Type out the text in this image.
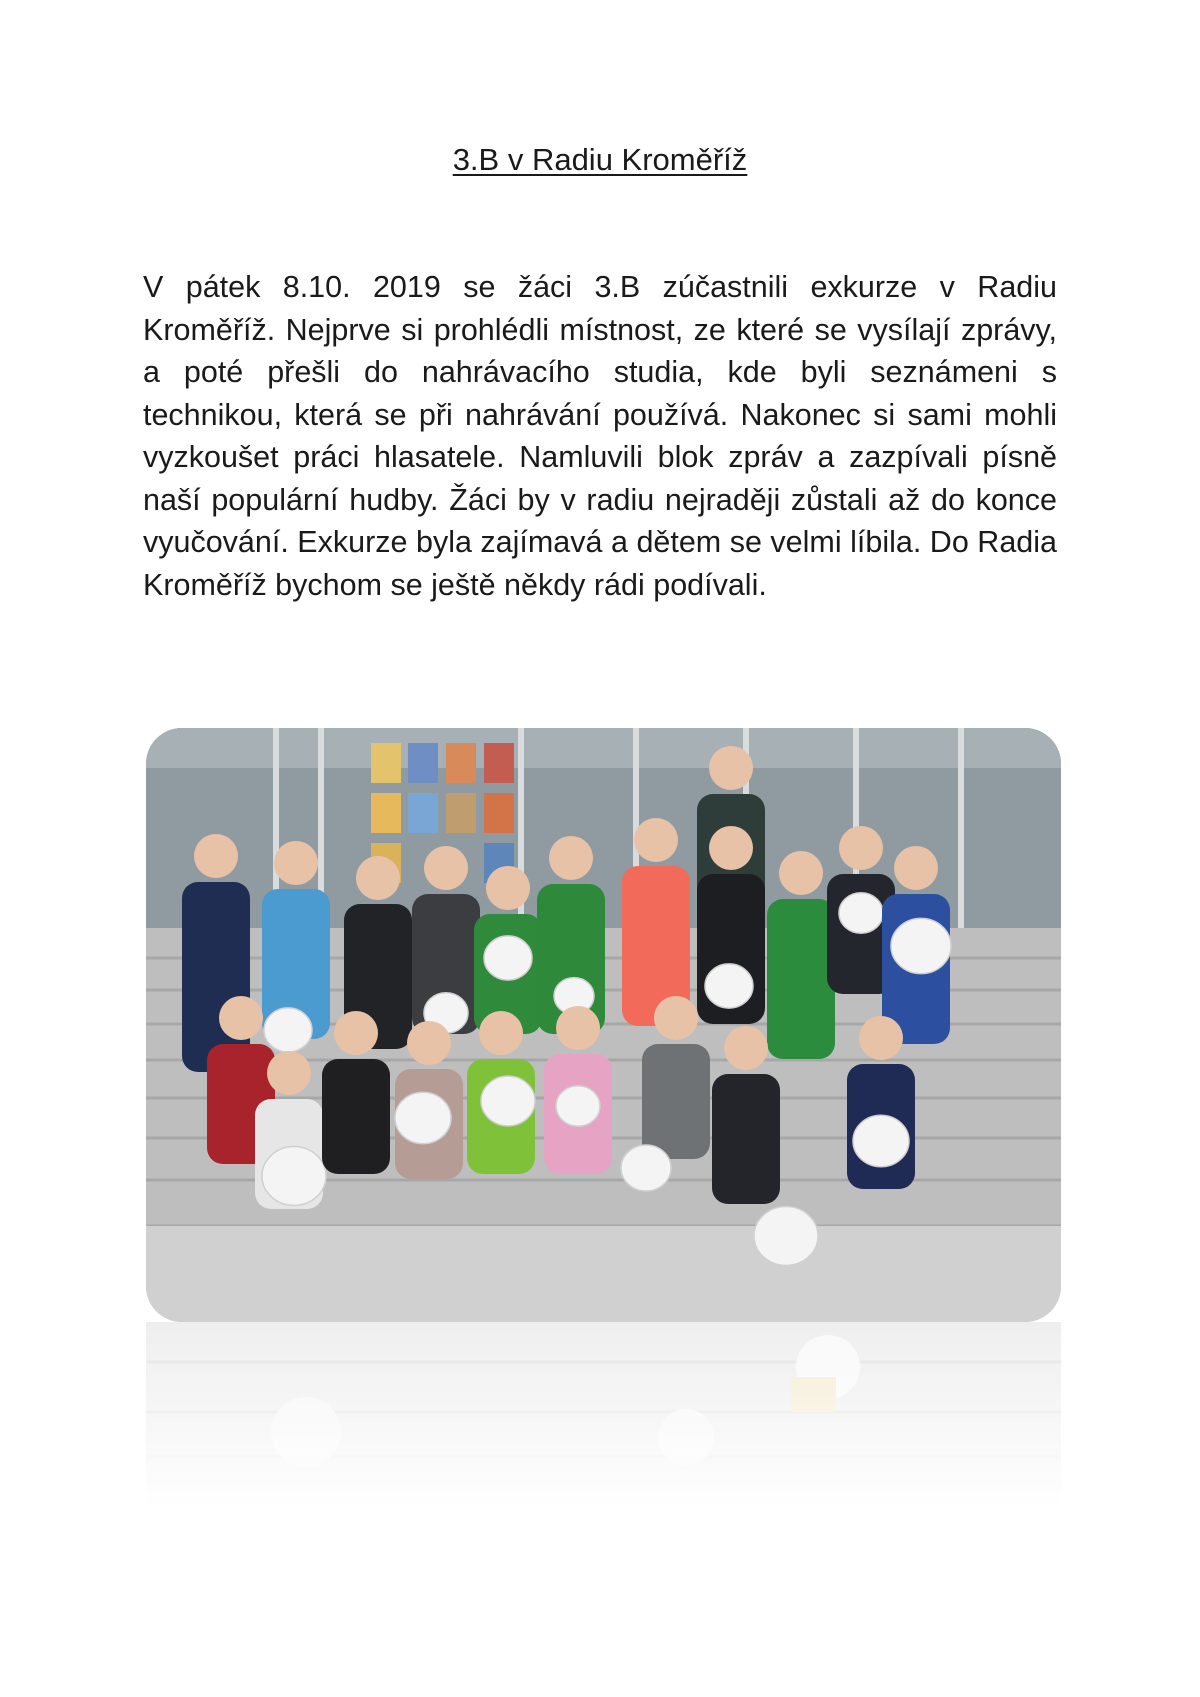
3.B v Radiu Kroměříž

V pátek 8.10. 2019 se žáci 3.B zúčastnili exkurze v Radiu Kroměříž. Nejprve si prohlédli místnost, ze které se vysílají zprávy, a poté přešli do nahrávacího studia, kde byli seznámeni s technikou, která se při nahrávání používá. Nakonec si sami mohli vyzkoušet práci hlasatele. Namluvili blok zpráv a zazpívali písně naší populární hudby. Žáci by v radiu nejraději zůstali až do konce vyučování. Exkurze byla zajímavá a dětem se velmi líbila. Do Radia Kroměříž bychom se ještě někdy rádi podívali.
